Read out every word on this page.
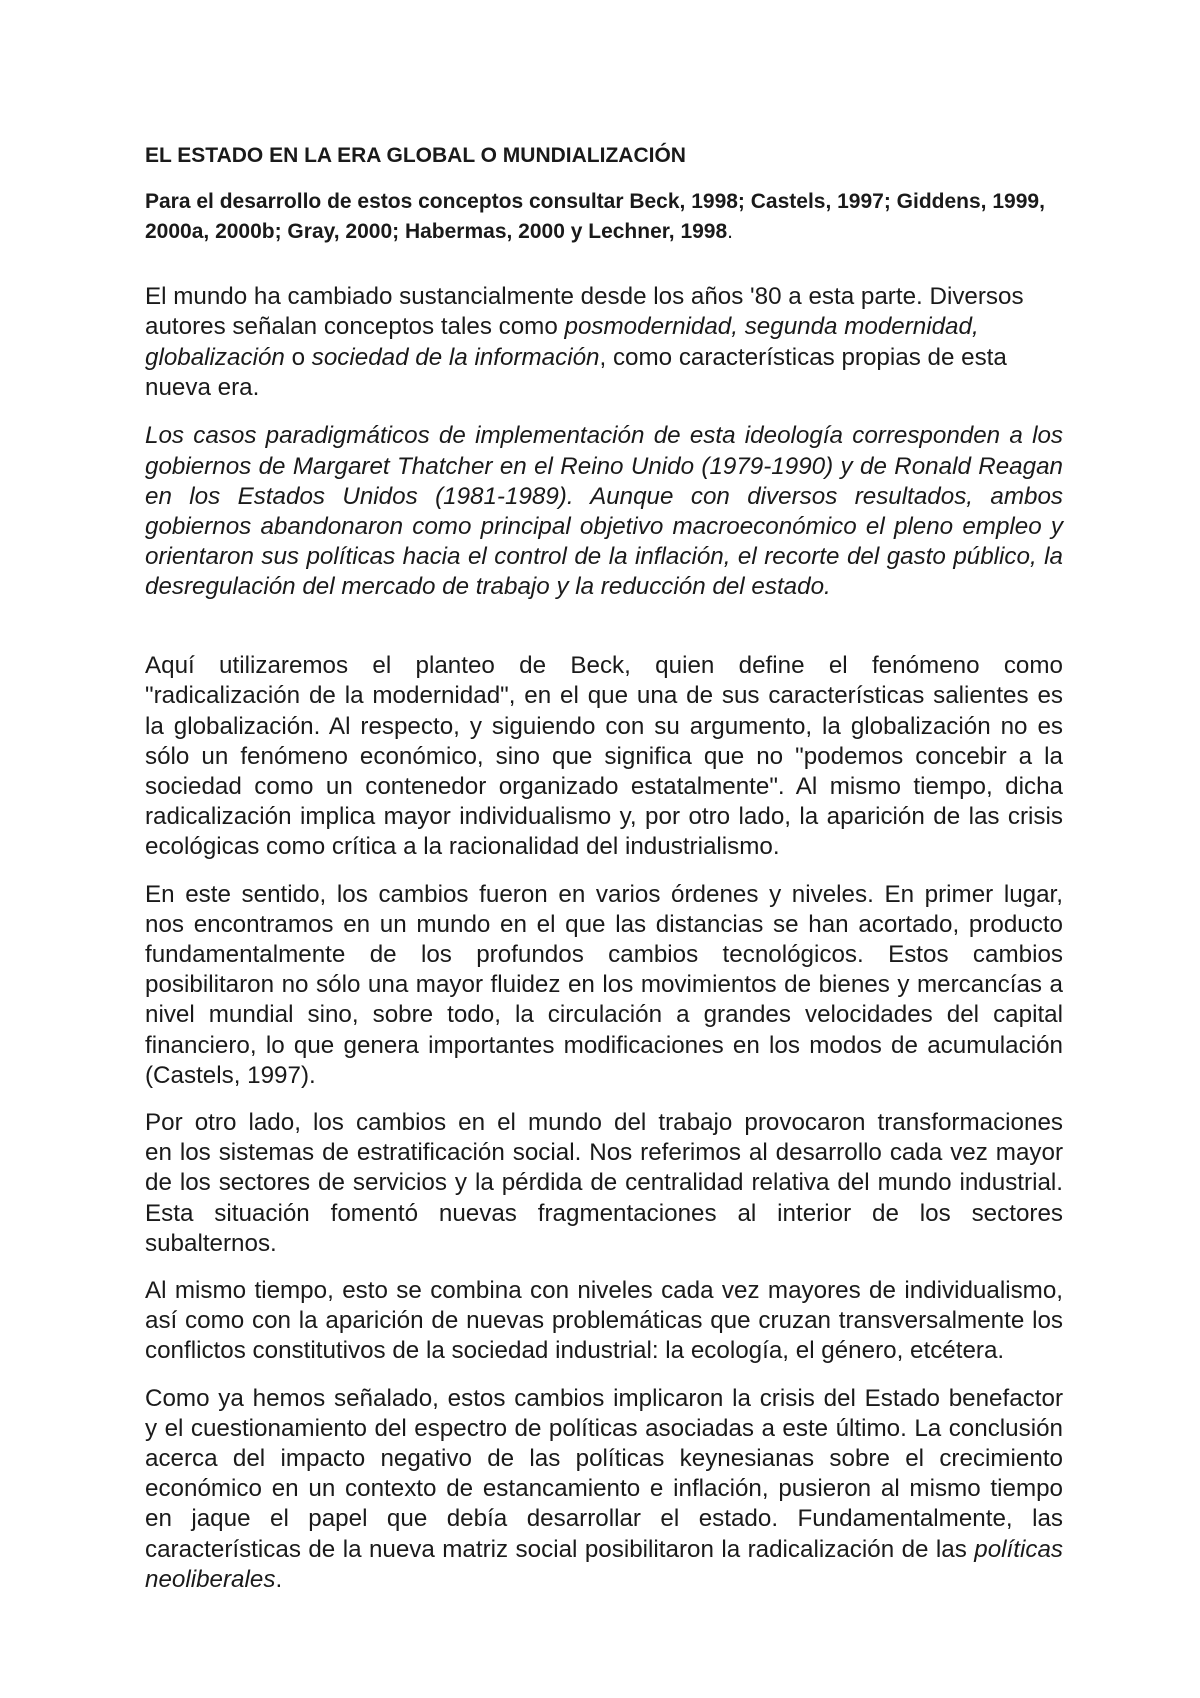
EL ESTADO EN LA ERA GLOBAL O MUNDIALIZACIÓN
Para el desarrollo de estos conceptos consultar Beck, 1998; Castels, 1997; Giddens, 1999,
2000a, 2000b; Gray, 2000; Habermas, 2000 y Lechner, 1998.
El mundo ha cambiado sustancialmente desde los años '80 a esta parte. Diversos
autores señalan conceptos tales como posmodernidad, segunda modernidad,
globalización o sociedad de la información, como características propias de esta
nueva era.
Los casos paradigmáticos de implementación de esta ideología corresponden a los
gobiernos de Margaret Thatcher en el Reino Unido (1979-1990) y de Ronald Reagan
en los Estados Unidos (1981-1989). Aunque con diversos resultados, ambos
gobiernos abandonaron como principal objetivo macroeconómico el pleno empleo y
orientaron sus políticas hacia el control de la inflación, el recorte del gasto público, la
desregulación del mercado de trabajo y la reducción del estado.
Aquí utilizaremos el planteo de Beck, quien define el fenómeno como
"radicalización de la modernidad", en el que una de sus características salientes es
la globalización. Al respecto, y siguiendo con su argumento, la globalización no es
sólo un fenómeno económico, sino que significa que no "podemos concebir a la
sociedad como un contenedor organizado estatalmente". Al mismo tiempo, dicha
radicalización implica mayor individualismo y, por otro lado, la aparición de las crisis
ecológicas como crítica a la racionalidad del industrialismo.
En este sentido, los cambios fueron en varios órdenes y niveles. En primer lugar,
nos encontramos en un mundo en el que las distancias se han acortado, producto
fundamentalmente de los profundos cambios tecnológicos. Estos cambios
posibilitaron no sólo una mayor fluidez en los movimientos de bienes y mercancías a
nivel mundial sino, sobre todo, la circulación a grandes velocidades del capital
financiero, lo que genera importantes modificaciones en los modos de acumulación
(Castels, 1997).
Por otro lado, los cambios en el mundo del trabajo provocaron transformaciones
en los sistemas de estratificación social. Nos referimos al desarrollo cada vez mayor
de los sectores de servicios y la pérdida de centralidad relativa del mundo industrial.
Esta situación fomentó nuevas fragmentaciones al interior de los sectores
subalternos.
Al mismo tiempo, esto se combina con niveles cada vez mayores de individualismo,
así como con la aparición de nuevas problemáticas que cruzan transversalmente los
conflictos constitutivos de la sociedad industrial: la ecología, el género, etcétera.
Como ya hemos señalado, estos cambios implicaron la crisis del Estado benefactor
y el cuestionamiento del espectro de políticas asociadas a este último. La conclusión
acerca del impacto negativo de las políticas keynesianas sobre el crecimiento
económico en un contexto de estancamiento e inflación, pusieron al mismo tiempo
en jaque el papel que debía desarrollar el estado. Fundamentalmente, las
características de la nueva matriz social posibilitaron la radicalización de las políticas
neoliberales.
